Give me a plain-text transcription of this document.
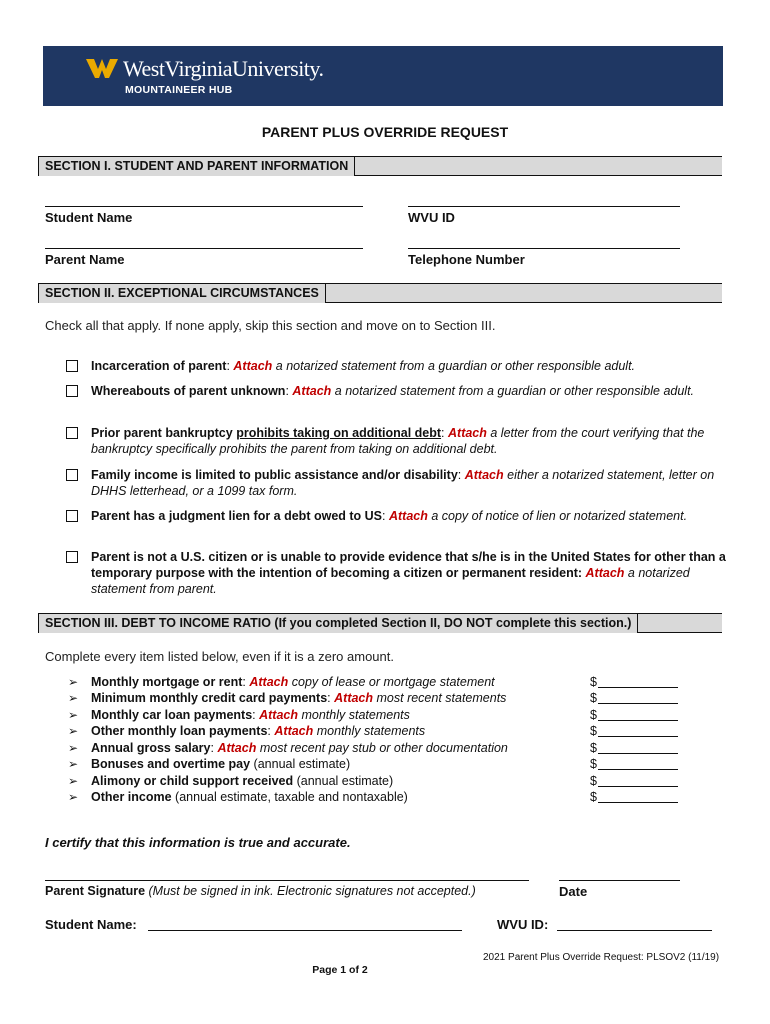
WestVirginiaUniversity.
MOUNTAINEER HUB
PARENT PLUS OVERRIDE REQUEST
SECTION I. STUDENT AND PARENT INFORMATION
Student Name	WVU ID
Parent Name	Telephone Number
SECTION II. EXCEPTIONAL CIRCUMSTANCES
Check all that apply. If none apply, skip this section and move on to Section III.
Incarceration of parent: Attach a notarized statement from a guardian or other responsible adult.
Whereabouts of parent unknown: Attach a notarized statement from a guardian or other responsible adult.
Prior parent bankruptcy prohibits taking on additional debt: Attach a letter from the court verifying that the bankruptcy specifically prohibits the parent from taking on additional debt.
Family income is limited to public assistance and/or disability: Attach either a notarized statement, letter on DHHS letterhead, or a 1099 tax form.
Parent has a judgment lien for a debt owed to US: Attach a copy of notice of lien or notarized statement.
Parent is not a U.S. citizen or is unable to provide evidence that s/he is in the United States for other than a temporary purpose with the intention of becoming a citizen or permanent resident: Attach a notarized statement from parent.
SECTION III. DEBT TO INCOME RATIO (If you completed Section II, DO NOT complete this section.)
Complete every item listed below, even if it is a zero amount.
➢ Monthly mortgage or rent: Attach copy of lease or mortgage statement	$
➢ Minimum monthly credit card payments: Attach most recent statements	$
➢ Monthly car loan payments: Attach monthly statements	$
➢ Other monthly loan payments: Attach monthly statements	$
➢ Annual gross salary: Attach most recent pay stub or other documentation	$
➢ Bonuses and overtime pay (annual estimate)	$
➢ Alimony or child support received (annual estimate)	$
➢ Other income (annual estimate, taxable and nontaxable)	$
I certify that this information is true and accurate.
Parent Signature (Must be signed in ink. Electronic signatures not accepted.)	Date
Student Name:	WVU ID:
2021 Parent Plus Override Request: PLSOV2 (11/19)
Page 1 of 2
